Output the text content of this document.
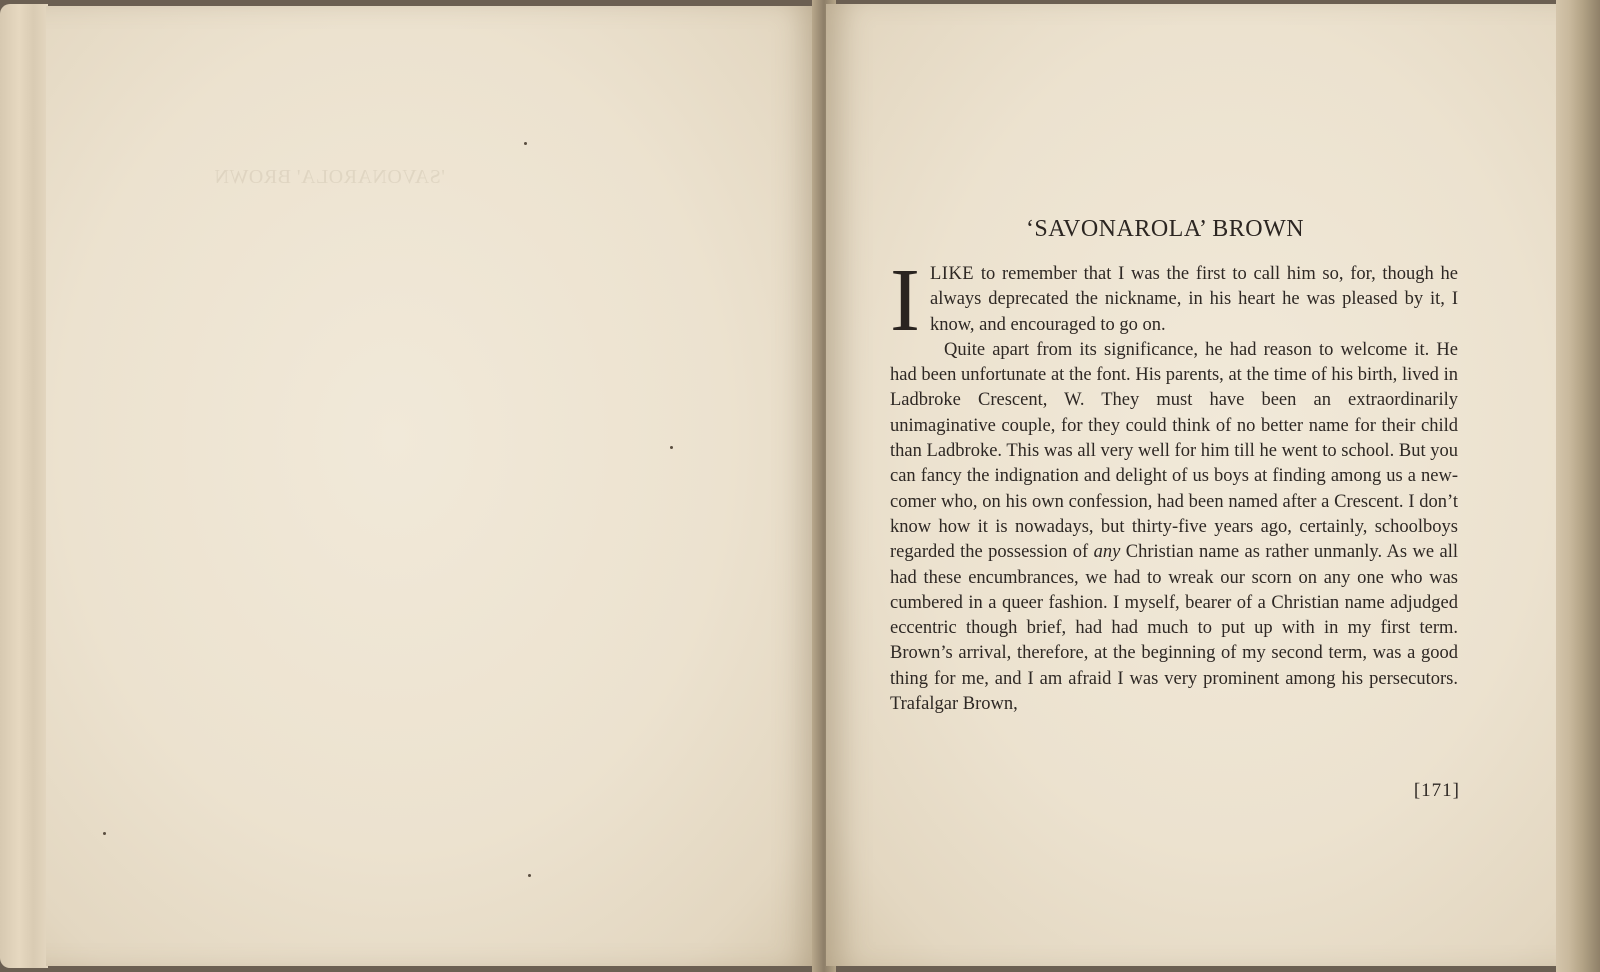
'SAVONAROLA' BROWN
‘SAVONAROLA’ BROWN

ILIKE to remember that I was the first to call him so, for, though he always deprecated the nickname, in his heart he was pleased by it, I know, and encouraged to go on.

Quite apart from its significance, he had reason to welcome it. He had been unfortunate at the font. His parents, at the time of his birth, lived in Ladbroke Crescent, W. They must have been an extraordinarily unimaginative couple, for they could think of no better name for their child than Ladbroke. This was all very well for him till he went to school. But you can fancy the indignation and delight of us boys at finding among us a new-comer who, on his own confession, had been named after a Crescent. I don’t know how it is nowadays, but thirty-five years ago, certainly, schoolboys regarded the possession of any Christian name as rather unmanly. As we all had these encumbrances, we had to wreak our scorn on any one who was cumbered in a queer fashion. I myself, bearer of a Christian name adjudged eccentric though brief, had had much to put up with in my first term. Brown’s arrival, therefore, at the beginning of my second term, was a good thing for me, and I am afraid I was very prominent among his persecutors. Trafalgar Brown,

[171]
